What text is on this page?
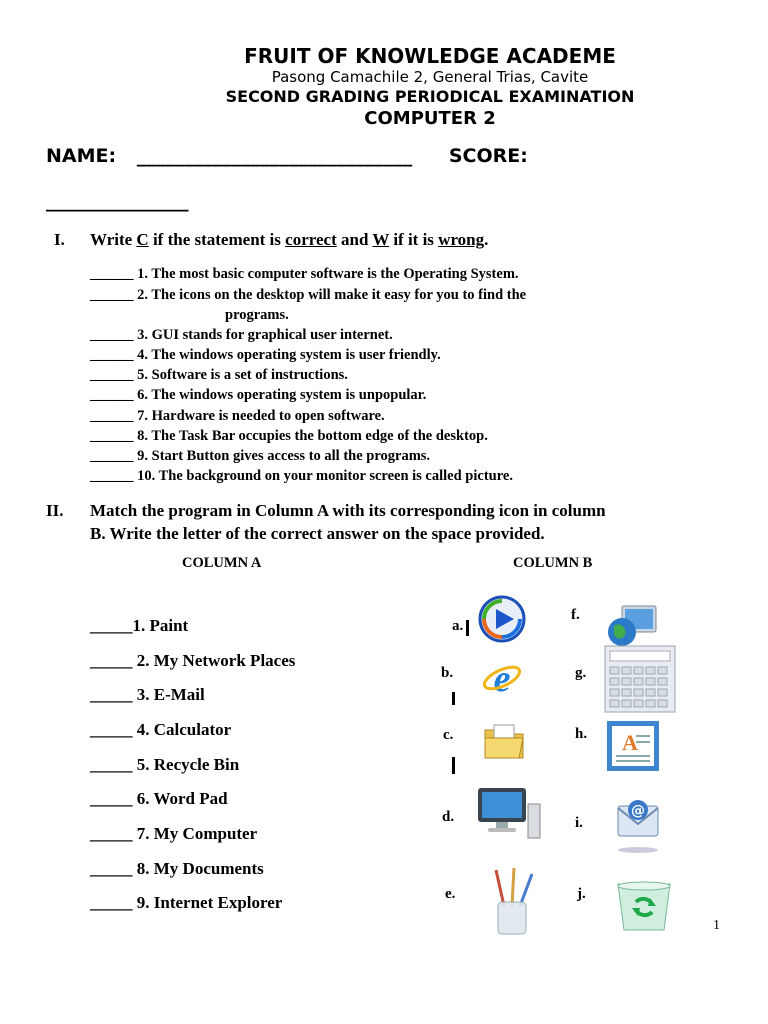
FRUIT OF KNOWLEDGE ACADEME
Pasong Camachile 2, General Trias, Cavite
SECOND GRADING PERIODICAL EXAMINATION
COMPUTER 2
NAME: _____________________________ SCORE:
_______________
I. Write C if the statement is correct and W if it is wrong.
______ 1. The most basic computer software is the Operating System.
______ 2. The icons on the desktop will make it easy for you to find the
programs.
______ 3. GUI stands for graphical user internet.
______ 4. The windows operating system is user friendly.
______ 5. Software is a set of instructions.
______ 6. The windows operating system is unpopular.
______ 7. Hardware is needed to open software.
______ 8. The Task Bar occupies the bottom edge of the desktop.
______ 9. Start Button gives access to all the programs.
______ 10. The background on your monitor screen is called picture.
II. Match the program in Column A with its corresponding icon in column
B. Write the letter of the correct answer on the space provided.
COLUMN A	COLUMN B
_____1. Paint
_____ 2. My Network Places
_____ 3. E-Mail
_____ 4. Calculator
_____ 5. Recycle Bin
_____ 6. Word Pad
_____ 7. My Computer
_____ 8. My Documents
_____ 9. Internet Explorer
a.
b.
c.
d.
e.
f.
g.
h.
i.
j.
e
A
@
1
